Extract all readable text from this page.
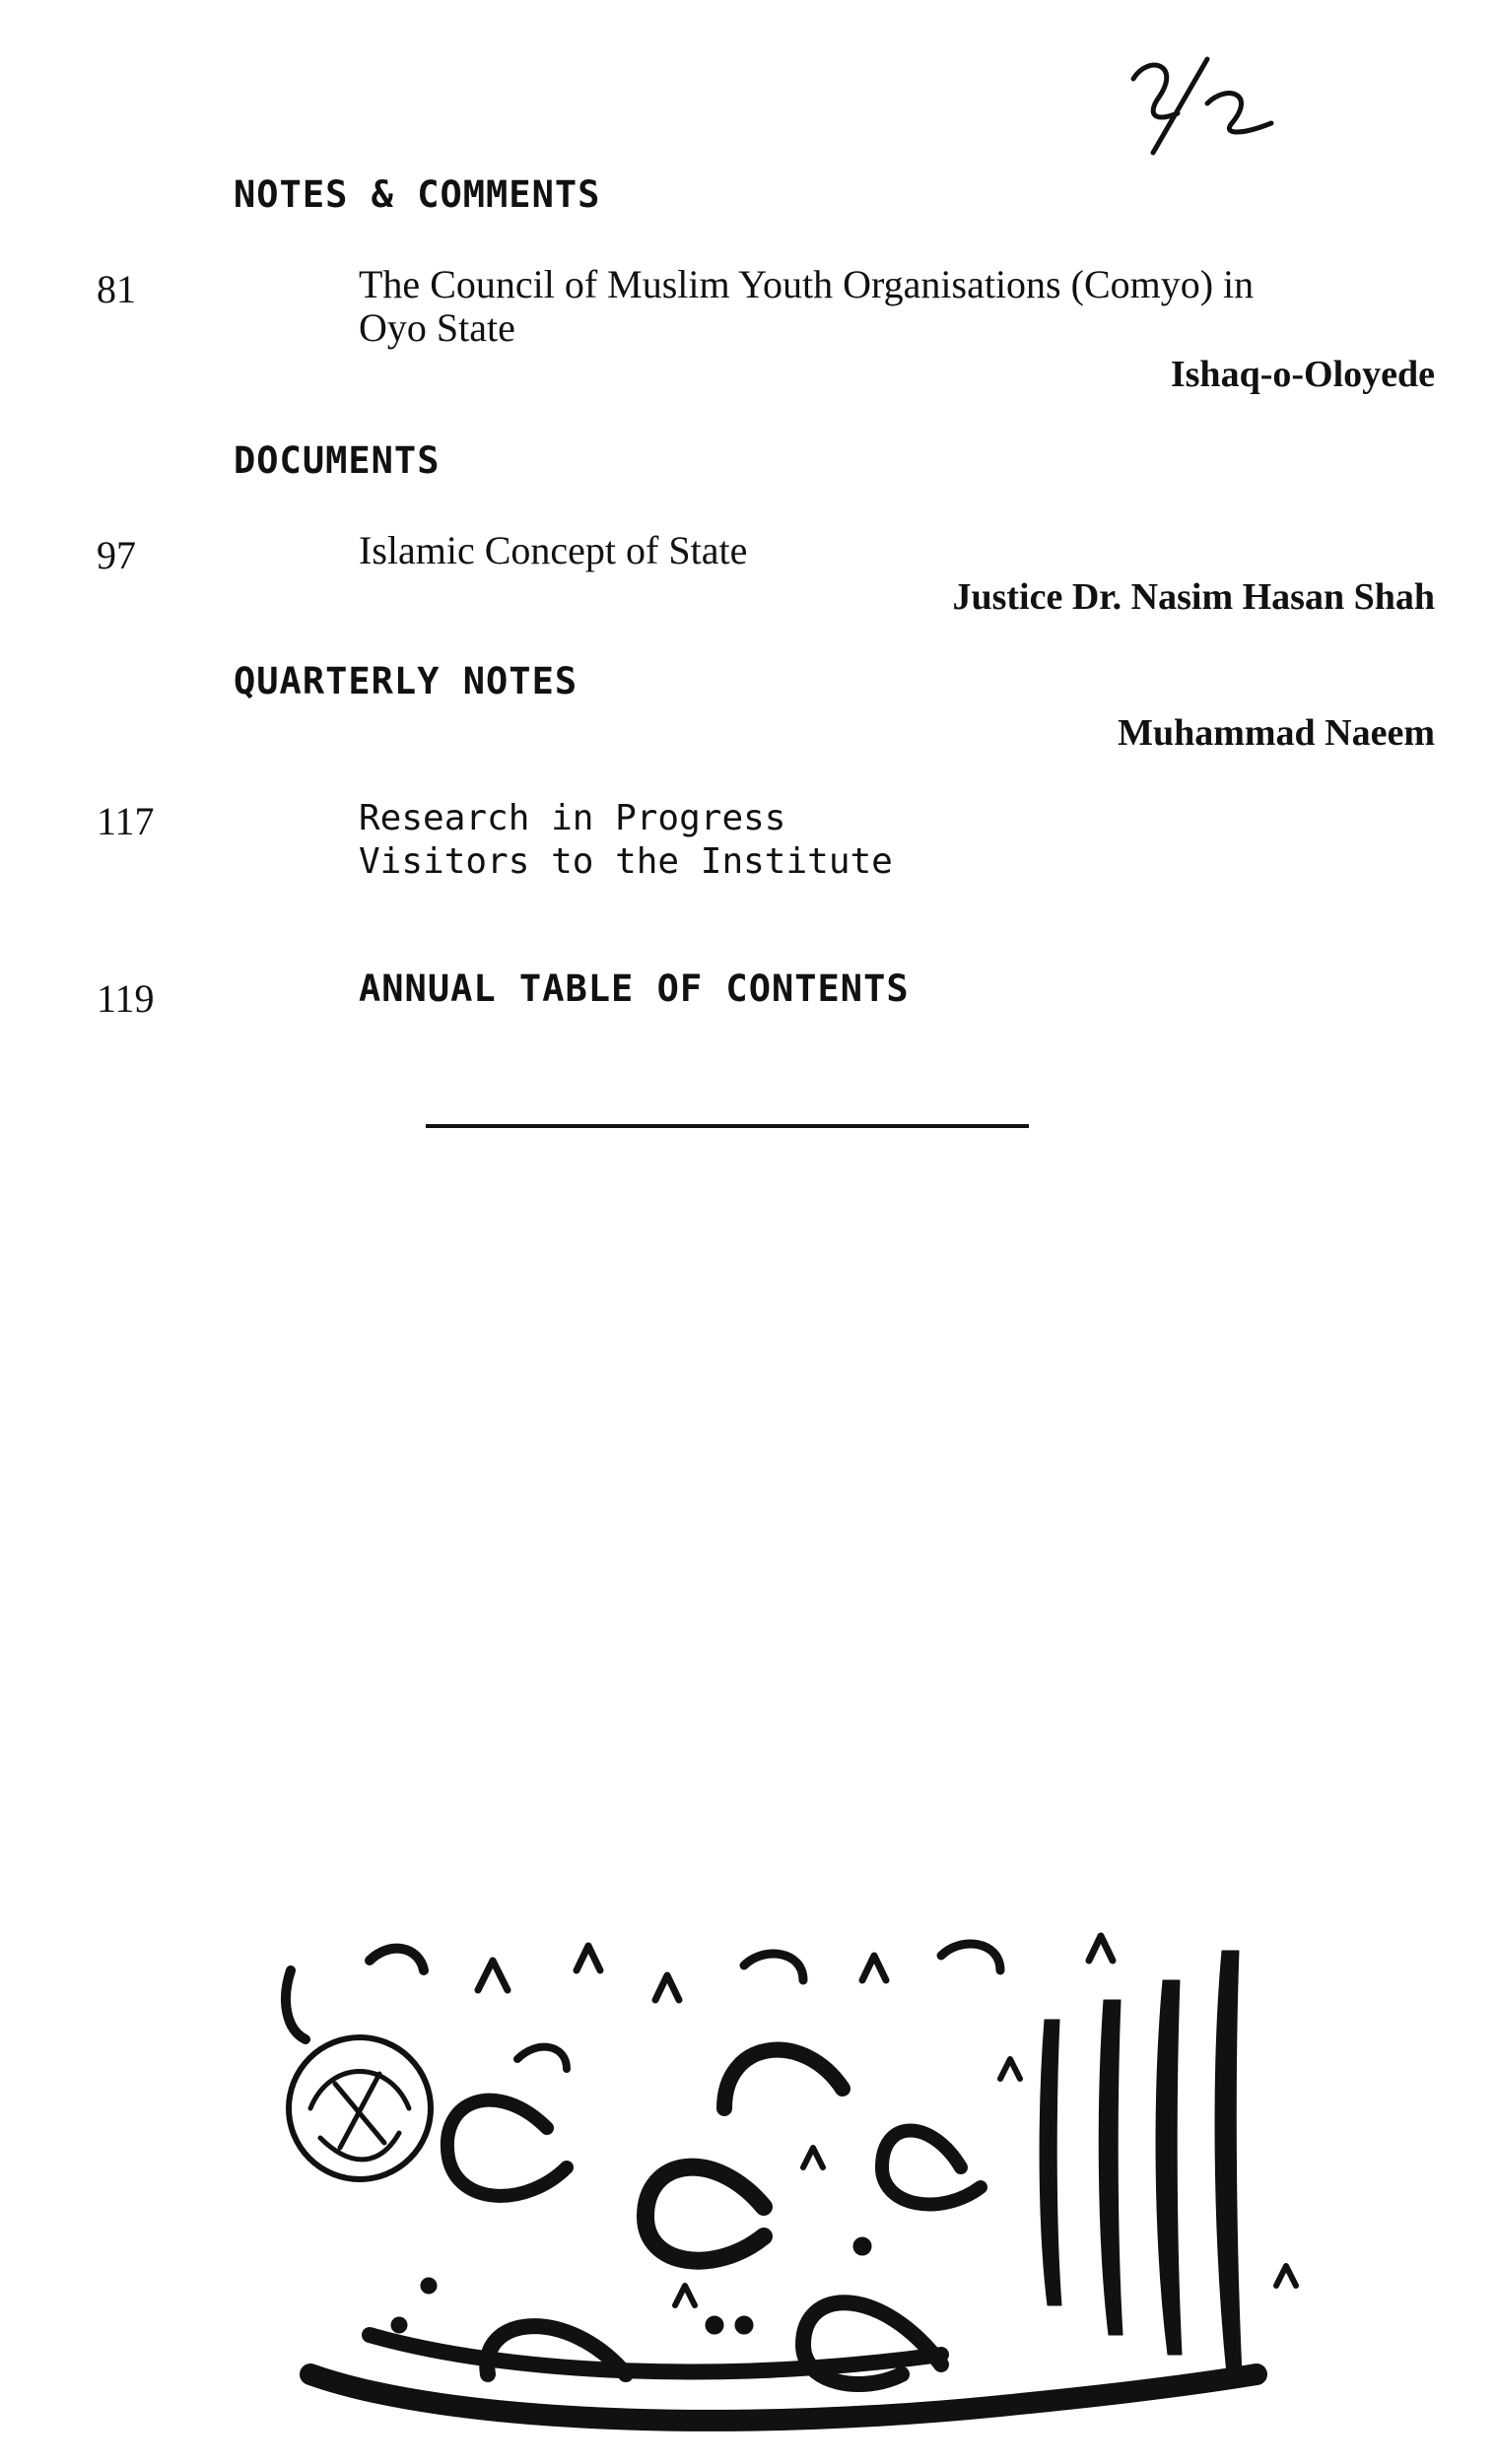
NOTES & COMMENTS
81	The Council of Muslim Youth Organisations (Comyo) in
Oyo State
Ishaq-o-Oloyede
DOCUMENTS
97	Islamic Concept of State
Justice Dr. Nasim Hasan Shah
QUARTERLY NOTES
Muhammad Naeem
117	Research in Progress
Visitors to the Institute
119	ANNUAL TABLE OF CONTENTS
